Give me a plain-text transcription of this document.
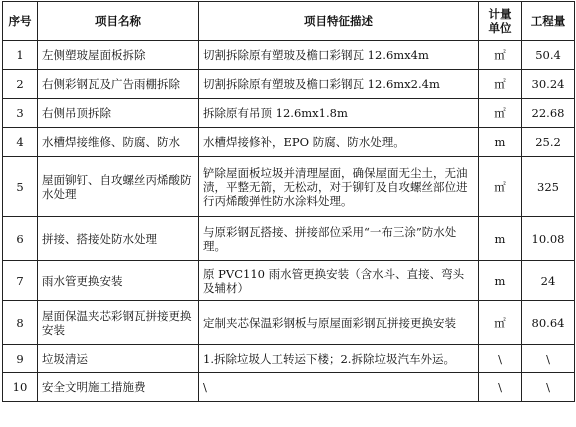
序号	项目名称	项目特征描述	计量单位	工程量
1	左侧塑玻屋面板拆除	切割拆除原有塑玻及檐口彩钢瓦 12.6mx4m	㎡	50.4
2	右侧彩钢瓦及广告雨棚拆除	切割拆除原有塑玻及檐口彩钢瓦 12.6mx2.4m	㎡	30.24
3	右侧吊顶拆除	拆除原有吊顶 12.6mx1.8m	㎡	22.68
4	水槽焊接维修、防腐、防水	水槽焊接修补，EPO 防腐、防水处理。	m	25.2
5	屋面铆钉、自攻螺丝丙烯酸防水处理	铲除屋面板垃圾并清理屋面，确保屋面无尘土，无油渍，平整无箭，无松动，对于铆钉及自攻螺丝部位进行丙烯酸弹性防水涂料处理。	㎡	325
6	拼接、搭接处防水处理	与原彩钢瓦搭接、拼接部位采用“一布三涂”防水处理。	m	10.08
7	雨水管更换安装	原 PVC110 雨水管更换安装（含水斗、直接、弯头及辅材）	m	24
8	屋面保温夹芯彩钢瓦拼接更换安装	定制夹芯保温彩钢板与原屋面彩钢瓦拼接更换安装	㎡	80.64
9	垃圾清运	1.拆除垃圾人工转运下楼；2.拆除垃圾汽车外运。	\	\
10	安全文明施工措施费	\	\	\
